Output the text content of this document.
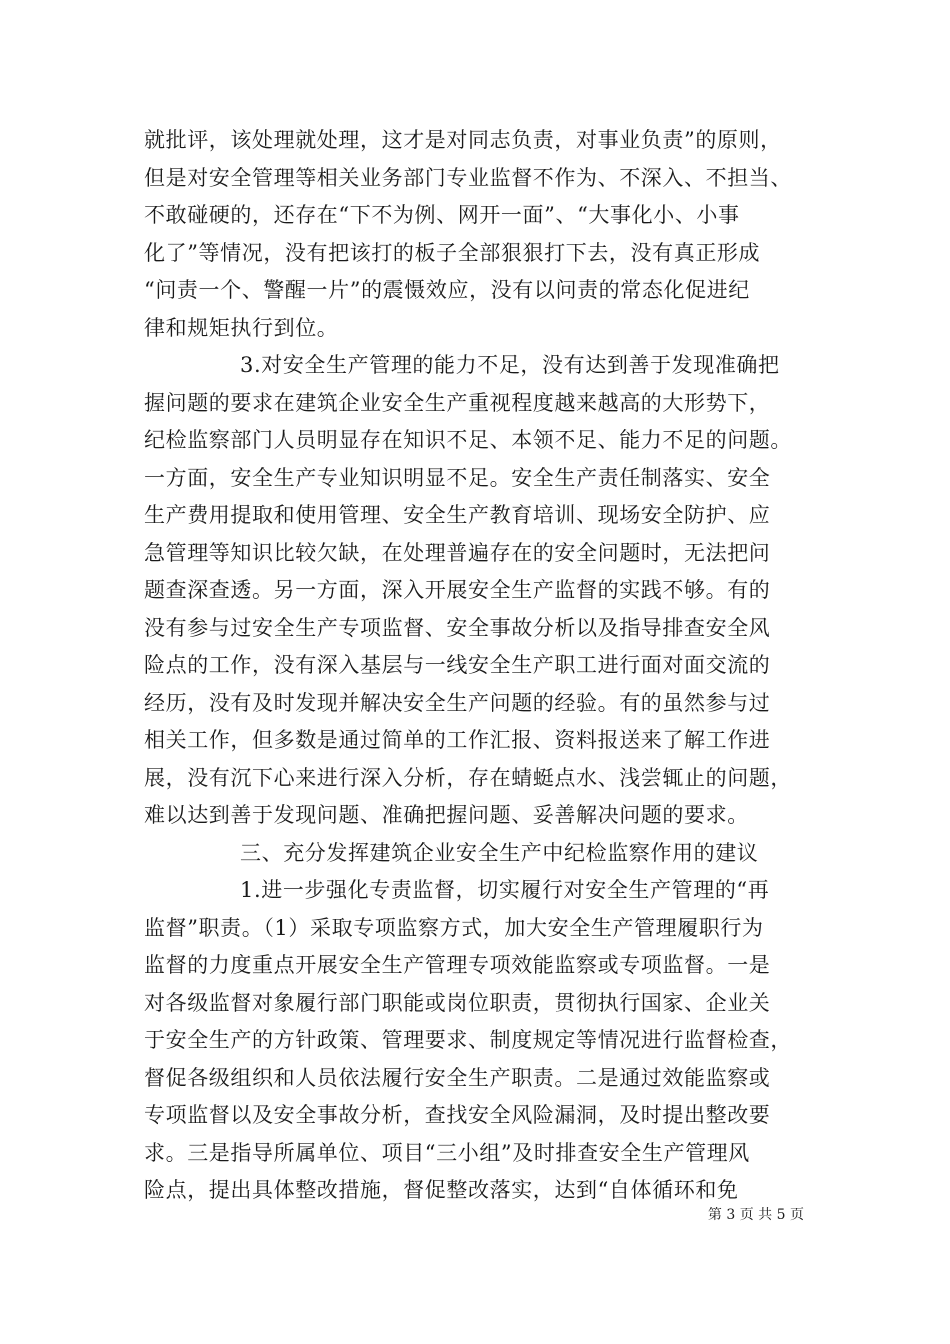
就批评，该处理就处理，这才是对同志负责，对事业负责”的原则，
但是对安全管理等相关业务部门专业监督不作为、不深入、不担当、
不敢碰硬的，还存在“下不为例、网开一面”、“大事化小、小事
化了”等情况，没有把该打的板子全部狠狠打下去，没有真正形成
“问责一个、警醒一片”的震慑效应，没有以问责的常态化促进纪
律和规矩执行到位。
3.对安全生产管理的能力不足，没有达到善于发现准确把
握问题的要求在建筑企业安全生产重视程度越来越高的大形势下，
纪检监察部门人员明显存在知识不足、本领不足、能力不足的问题。
一方面，安全生产专业知识明显不足。安全生产责任制落实、安全
生产费用提取和使用管理、安全生产教育培训、现场安全防护、应
急管理等知识比较欠缺，在处理普遍存在的安全问题时，无法把问
题查深查透。另一方面，深入开展安全生产监督的实践不够。有的
没有参与过安全生产专项监督、安全事故分析以及指导排查安全风
险点的工作，没有深入基层与一线安全生产职工进行面对面交流的
经历，没有及时发现并解决安全生产问题的经验。有的虽然参与过
相关工作，但多数是通过简单的工作汇报、资料报送来了解工作进
展，没有沉下心来进行深入分析，存在蜻蜓点水、浅尝辄止的问题，
难以达到善于发现问题、准确把握问题、妥善解决问题的要求。
三、充分发挥建筑企业安全生产中纪检监察作用的建议
1.进一步强化专责监督，切实履行对安全生产管理的“再
监督”职责。（1）采取专项监察方式，加大安全生产管理履职行为
监督的力度重点开展安全生产管理专项效能监察或专项监督。一是
对各级监督对象履行部门职能或岗位职责，贯彻执行国家、企业关
于安全生产的方针政策、管理要求、制度规定等情况进行监督检查，
督促各级组织和人员依法履行安全生产职责。二是通过效能监察或
专项监督以及安全事故分析，查找安全风险漏洞，及时提出整改要
求。三是指导所属单位、项目“三小组”及时排查安全生产管理风
险点，提出具体整改措施，督促整改落实，达到“自体循环和免
第 3 页 共 5 页
